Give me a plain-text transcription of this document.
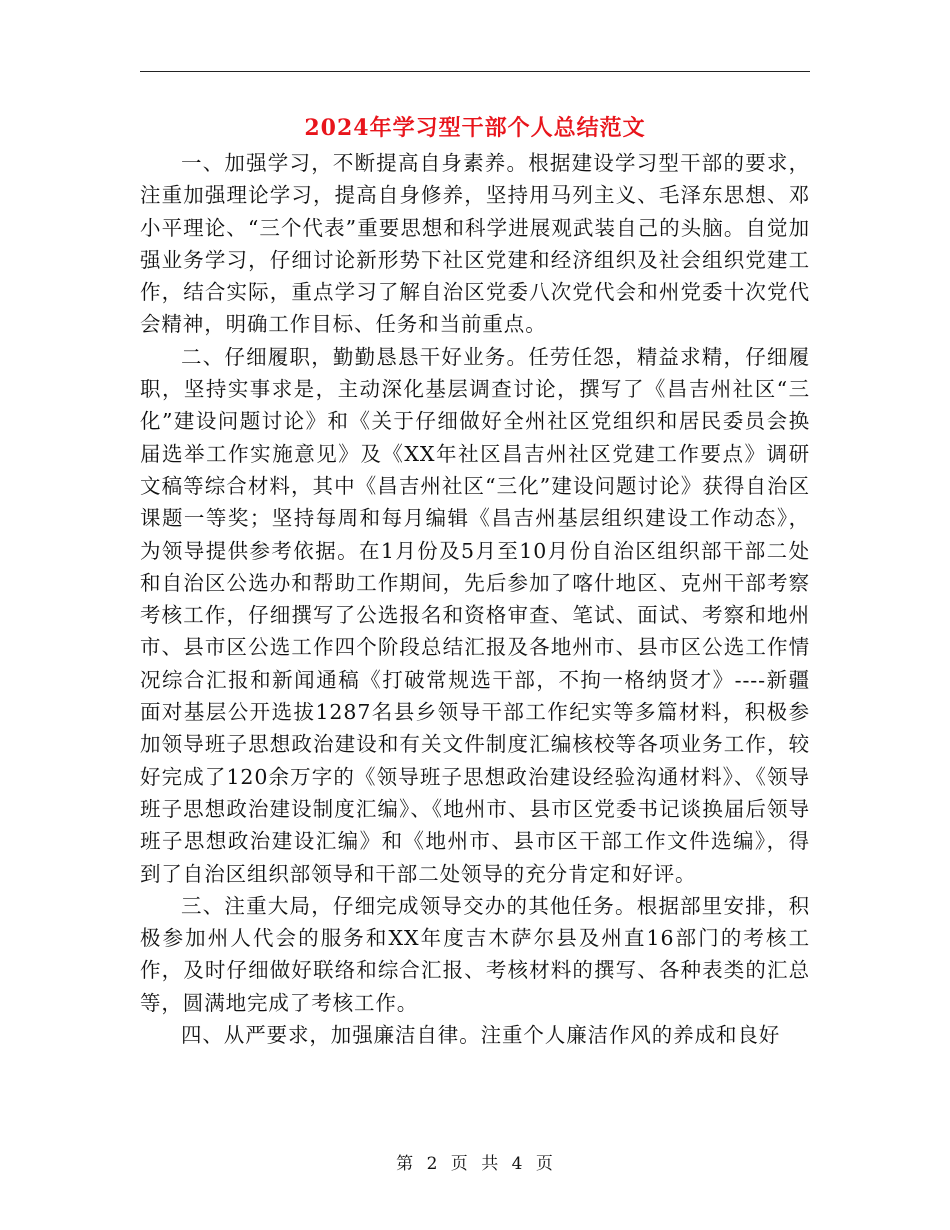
2024年学习型干部个人总结范文

一、加强学习，不断提高自身素养。根据建设学习型干部的要求，注重加强理论学习，提高自身修养，坚持用马列主义、毛泽东思想、邓小平理论、“三个代表”重要思想和科学进展观武装自己的头脑。自觉加强业务学习，仔细讨论新形势下社区党建和经济组织及社会组织党建工作，结合实际，重点学习了解自治区党委八次党代会和州党委十次党代会精神，明确工作目标、任务和当前重点。

二、仔细履职，勤勤恳恳干好业务。任劳任怨，精益求精，仔细履职，坚持实事求是，主动深化基层调查讨论，撰写了《昌吉州社区“三化”建设问题讨论》和《关于仔细做好全州社区党组织和居民委员会换届选举工作实施意见》及《XX年社区昌吉州社区党建工作要点》调研文稿等综合材料，其中《昌吉州社区“三化”建设问题讨论》获得自治区课题一等奖；坚持每周和每月编辑《昌吉州基层组织建设工作动态》，为领导提供参考依据。在1月份及5月至10月份自治区组织部干部二处和自治区公选办和帮助工作期间，先后参加了喀什地区、克州干部考察考核工作，仔细撰写了公选报名和资格审查、笔试、面试、考察和地州市、县市区公选工作四个阶段总结汇报及各地州市、县市区公选工作情况综合汇报和新闻通稿《打破常规选干部，不拘一格纳贤才》----新疆面对基层公开选拔1287名县乡领导干部工作纪实等多篇材料，积极参加领导班子思想政治建设和有关文件制度汇编核校等各项业务工作，较好完成了120余万字的《领导班子思想政治建设经验沟通材料》、《领导班子思想政治建设制度汇编》、《地州市、县市区党委书记谈换届后领导班子思想政治建设汇编》和《地州市、县市区干部工作文件选编》，得到了自治区组织部领导和干部二处领导的充分肯定和好评。

三、注重大局，仔细完成领导交办的其他任务。根据部里安排，积极参加州人代会的服务和XX年度吉木萨尔县及州直16部门的考核工作，及时仔细做好联络和综合汇报、考核材料的撰写、各种表类的汇总等，圆满地完成了考核工作。

四、从严要求，加强廉洁自律。注重个人廉洁作风的养成和良好

第 2 页 共 4 页
